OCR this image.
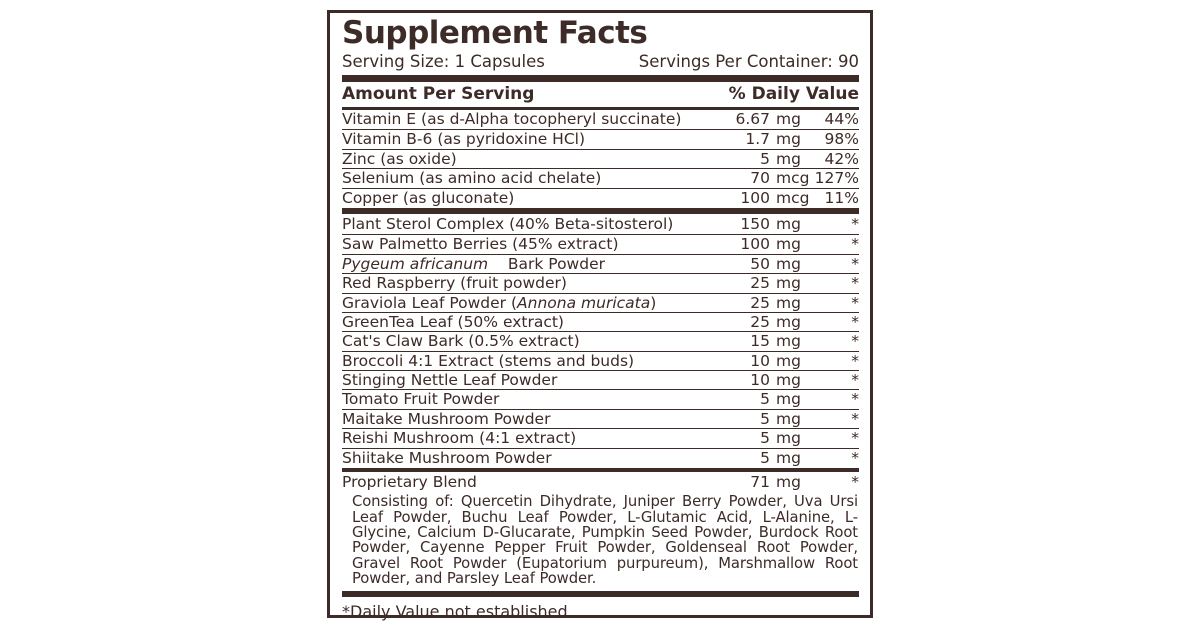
Supplement Facts
Serving Size: 1 Capsules	Servings Per Container: 90
Amount Per Serving	% Daily Value
Vitamin E (as d-Alpha tocopheryl succinate)	6.67 mg	44%
Vitamin B-6 (as pyridoxine HCl)	1.7 mg	98%
Zinc (as oxide)	5 mg	42%
Selenium (as amino acid chelate)	70 mcg 127%
Copper (as gluconate)	100 mcg 11%
Plant Sterol Complex (40% Beta-sitosterol)	150 mg	*
Saw Palmetto Berries (45% extract)	100 mg	*
Pygeum africanum    Bark Powder	50 mg	*
Red Raspberry (fruit powder)	25 mg	*
Graviola Leaf Powder (Annona muricata)	25 mg	*
GreenTea Leaf (50% extract)	25 mg	*
Cat's Claw Bark (0.5% extract)	15 mg	*
Broccoli 4:1 Extract (stems and buds)	10 mg	*
Stinging Nettle Leaf Powder	10 mg	*
Tomato Fruit Powder	5 mg	*
Maitake Mushroom Powder	5 mg	*
Reishi Mushroom (4:1 extract)	5 mg	*
Shiitake Mushroom Powder	5 mg	*
Proprietary Blend	71 mg	*
Consisting of: Quercetin Dihydrate, Juniper Berry Powder, Uva Ursi Leaf Powder, Buchu Leaf Powder, L-Glutamic Acid, L-Alanine, L-Glycine, Calcium D-Glucarate, Pumpkin Seed Powder, Burdock Root Powder, Cayenne Pepper Fruit Powder, Goldenseal Root Powder, Gravel Root Powder (Eupatorium purpureum), Marshmallow Root Powder, and Parsley Leaf Powder.
*Daily Value not established.
